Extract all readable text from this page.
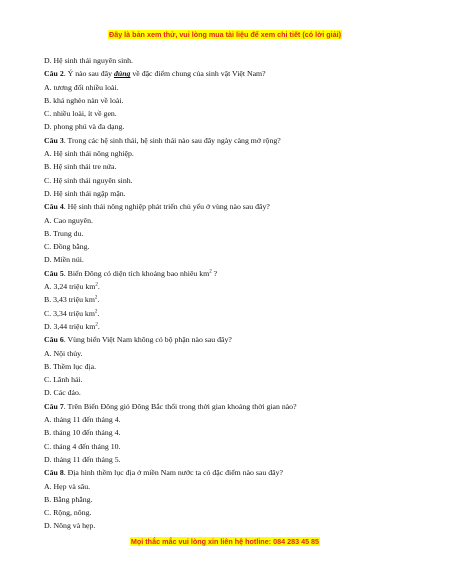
Đây là bản xem thử, vui lòng mua tài liệu để xem chi tiết (có lời giải)
D. Hệ sinh thái nguyên sinh.
Câu 2. Ý nào sau đây đúng về đặc điểm chung của sinh vật Việt Nam?
A. tương đối nhiều loài.
B. khá nghèo nàn về loài.
C. nhiều loài, ít về gen.
D. phong phú và đa dạng.
Câu 3. Trong các hệ sinh thái, hệ sinh thái nào sau đây ngày càng mở rộng?
A. Hệ sinh thái nông nghiệp.
B. Hệ sinh thái tre nứa.
C. Hệ sinh thái nguyên sinh.
D. Hệ sinh thái ngập mặn.
Câu 4. Hệ sinh thái nông nghiệp phát triển chủ yếu ở vùng nào sau đây?
A. Cao nguyên.
B. Trung du.
C. Đồng bằng.
D. Miền núi.
Câu 5. Biển Đông có diện tích khoảng bao nhiêu $km^2$ ?
A. 3,24 triệu $km^2$.
B. 3,43 triệu $km^2$.
C. 3,34 triệu $km^2$.
D. 3,44 triệu $km^2$.
Câu 6. Vùng biển Việt Nam không có bộ phận nào sau đây?
A. Nội thủy.
B. Thềm lục địa.
C. Lãnh hải.
D. Các đảo.
Câu 7. Trên Biển Đông gió Đông Bắc thổi trong thời gian khoảng thời gian nào?
A. tháng 11 đến tháng 4.
B. tháng 10 đến tháng 4.
C. tháng 4 đến tháng 10.
D. tháng 11 đến tháng 5.
Câu 8. Địa hình thềm lục địa ở miền Nam nước ta có đặc điểm nào sau đây?
A. Hẹp và sâu.
B. Bằng phẳng.
C. Rộng, nông.
D. Nông và hẹp.
Mọi thắc mắc vui lòng xin liên hệ hotline: 084 283 45 85
